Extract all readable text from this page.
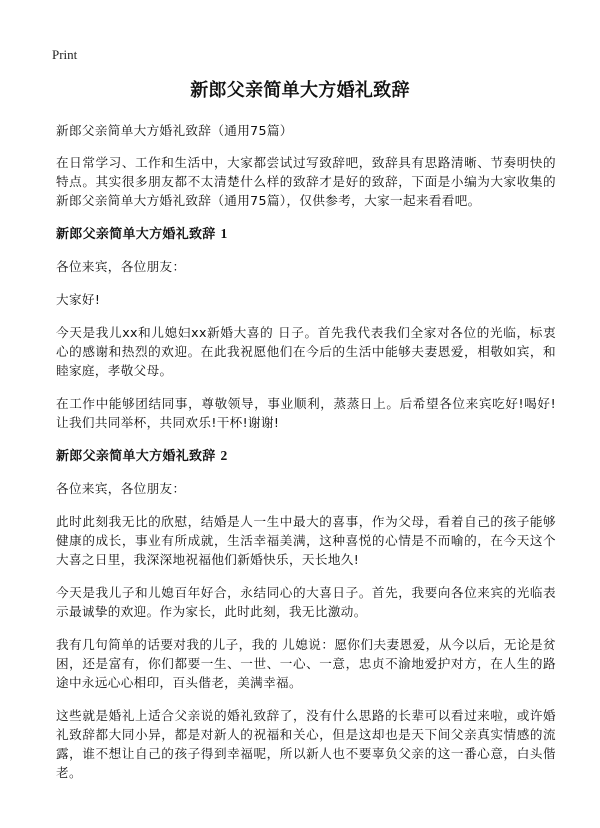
Print
新郎父亲简单大方婚礼致辞

新郎父亲简单大方婚礼致辞（通用75篇）

在日常学习、工作和生活中，大家都尝试过写致辞吧，致辞具有思路清晰、节奏明快的特点。其实很多朋友都不太清楚什么样的致辞才是好的致辞，下面是小编为大家收集的新郎父亲简单大方婚礼致辞（通用75篇），仅供参考，大家一起来看看吧。

新郎父亲简单大方婚礼致辞 1

各位来宾，各位朋友：

大家好!

今天是我儿xx和儿媳妇xx新婚大喜的 日子。首先我代表我们全家对各位的光临，标衷心的感谢和热烈的欢迎。在此我祝愿他们在今后的生活中能够夫妻恩爱，相敬如宾，和睦家庭，孝敬父母。

在工作中能够团结同事，尊敬领导，事业顺利，蒸蒸日上。后希望各位来宾吃好!喝好!让我们共同举杯，共同欢乐!干杯!谢谢!

新郎父亲简单大方婚礼致辞 2

各位来宾，各位朋友：

此时此刻我无比的欣慰，结婚是人一生中最大的喜事，作为父母，看着自己的孩子能够健康的成长，事业有所成就，生活幸福美满，这种喜悦的心情是不而喻的，在今天这个大喜之日里，我深深地祝福他们新婚快乐，天长地久!

今天是我儿子和儿媳百年好合，永结同心的大喜日子。首先，我要向各位来宾的光临表示最诚挚的欢迎。作为家长，此时此刻，我无比激动。

我有几句简单的话要对我的儿子，我的 儿媳说：愿你们夫妻恩爱，从今以后，无论是贫困，还是富有，你们都要一生、一世、一心、一意，忠贞不渝地爱护对方，在人生的路途中永远心心相印，百头偕老，美满幸福。

这些就是婚礼上适合父亲说的婚礼致辞了，没有什么思路的长辈可以看过来啦，或许婚礼致辞都大同小异，都是对新人的祝福和关心，但是这却也是天下间父亲真实情感的流露，谁不想让自己的孩子得到幸福呢，所以新人也不要辜负父亲的这一番心意，白头偕老。
